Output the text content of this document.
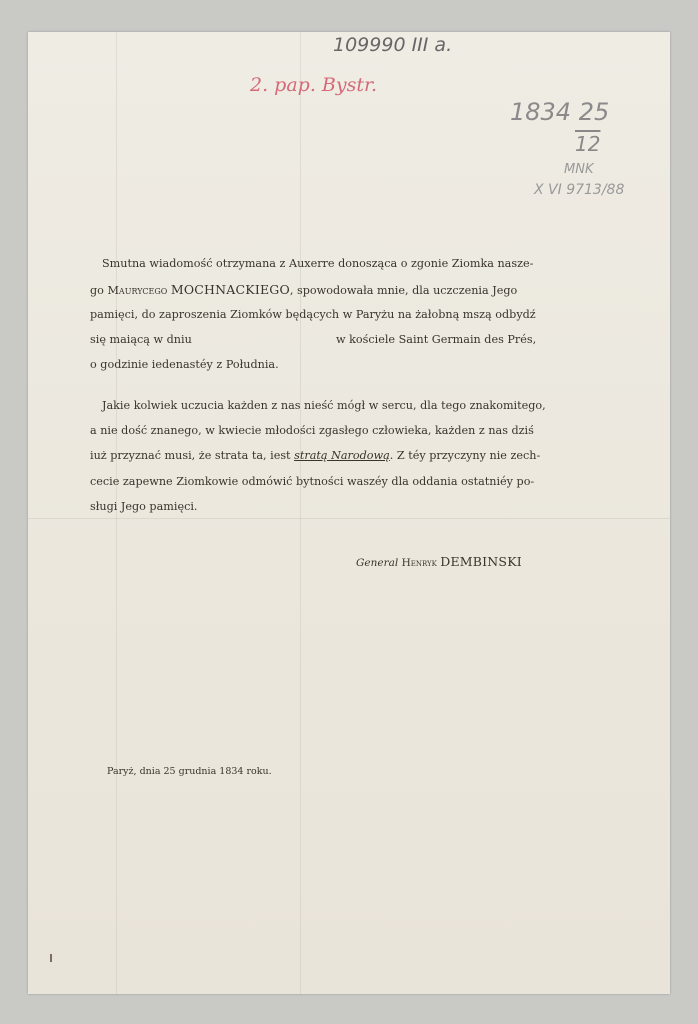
109990 III a.
2. pap. Bystr.
1834 25
12
MNK
X VI 9713/88
Smutna wiadomość otrzymana z Auxerre donosząca o zgonie Ziomka nasze-
go Maurycego MOCHNACKIEGO, spowodowała mnie, dla uczczenia Jego
pamięci, do zaproszenia Ziomków będących w Paryżu na żałobną mszą odbydź
się maiącą w dniu	w kościele Saint Germain des Prés,
o godzinie iedenastéy z Południa.
Jakie kolwiek uczucia każden z nas nieść mógł w sercu, dla tego znakomitego,
a nie dość znanego, w kwiecie młodości zgasłego człowieka, każden z nas dziś
iuż przyznać musi, że strata ta, iest stratą Narodową. Z téy przyczyny nie zech-
cecie zapewne Ziomkowie odmówić bytności waszéy dla oddania ostatniéy po-
sługi Jego pamięci.
General Henryk DEMBINSKI
Paryż, dnia 25 grudnia 1834 roku.
